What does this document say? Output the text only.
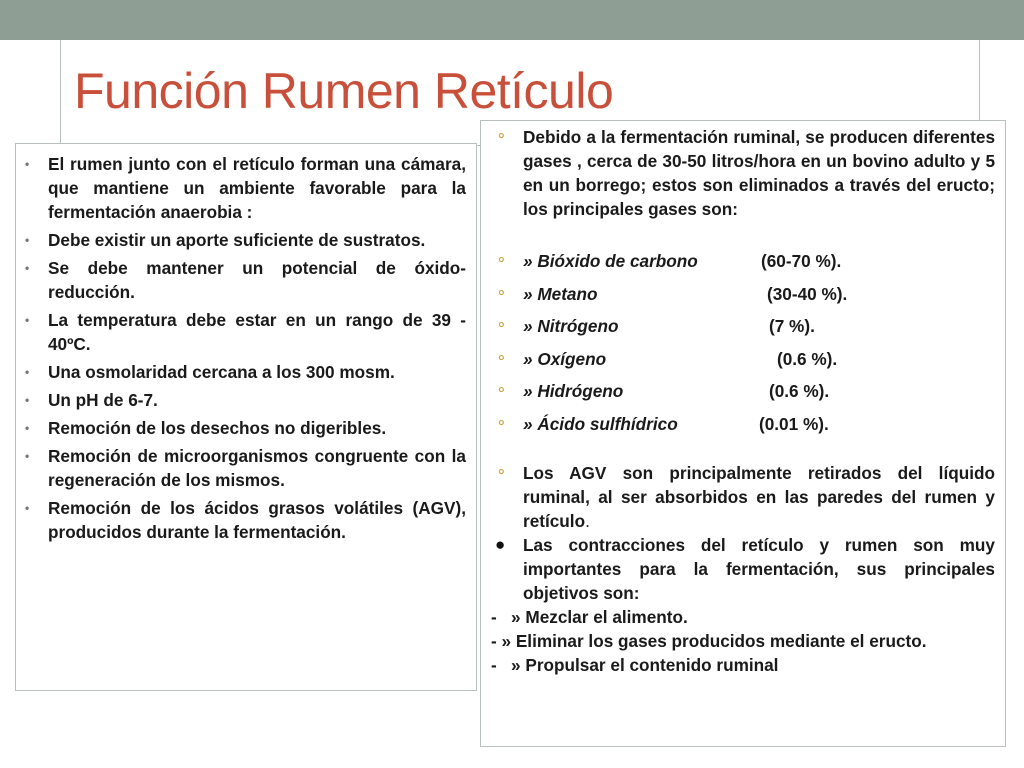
Función Rumen Retículo
• El rumen junto con el retículo forman una cámara, que mantiene un ambiente favorable para la fermentación anaerobia :
• Debe existir un aporte suficiente de sustratos.
• Se debe mantener un potencial de óxido-reducción.
• La temperatura debe estar en un rango de 39 - 40ºC.
• Una osmolaridad cercana a los 300 mosm.
• Un pH de 6-7.
• Remoción de los desechos no digeribles.
• Remoción de microorganismos congruente con la regeneración de los mismos.
• Remoción de los ácidos grasos volátiles (AGV), producidos durante la fermentación.
⚬ Debido a la fermentación ruminal, se producen diferentes gases , cerca de 30-50 litros/hora en un bovino adulto y 5 en un borrego; estos son eliminados a través del eructo; los principales gases son:
⚬ » Bióxido de carbono	(60-70 %).
⚬ » Metano	(30-40 %).
⚬ » Nitrógeno	(7 %).
⚬ » Oxígeno	(0.6 %).
⚬ » Hidrógeno	(0.6 %).
⚬ » Ácido sulfhídrico	(0.01 %).
⚬ Los AGV son principalmente retirados del líquido ruminal, al ser absorbidos en las paredes del rumen y retículo.
● Las contracciones del retículo y rumen son muy importantes para la fermentación, sus principales objetivos son:
-   » Mezclar el alimento.
- » Eliminar los gases producidos mediante el eructo.
-   » Propulsar el contenido ruminal
